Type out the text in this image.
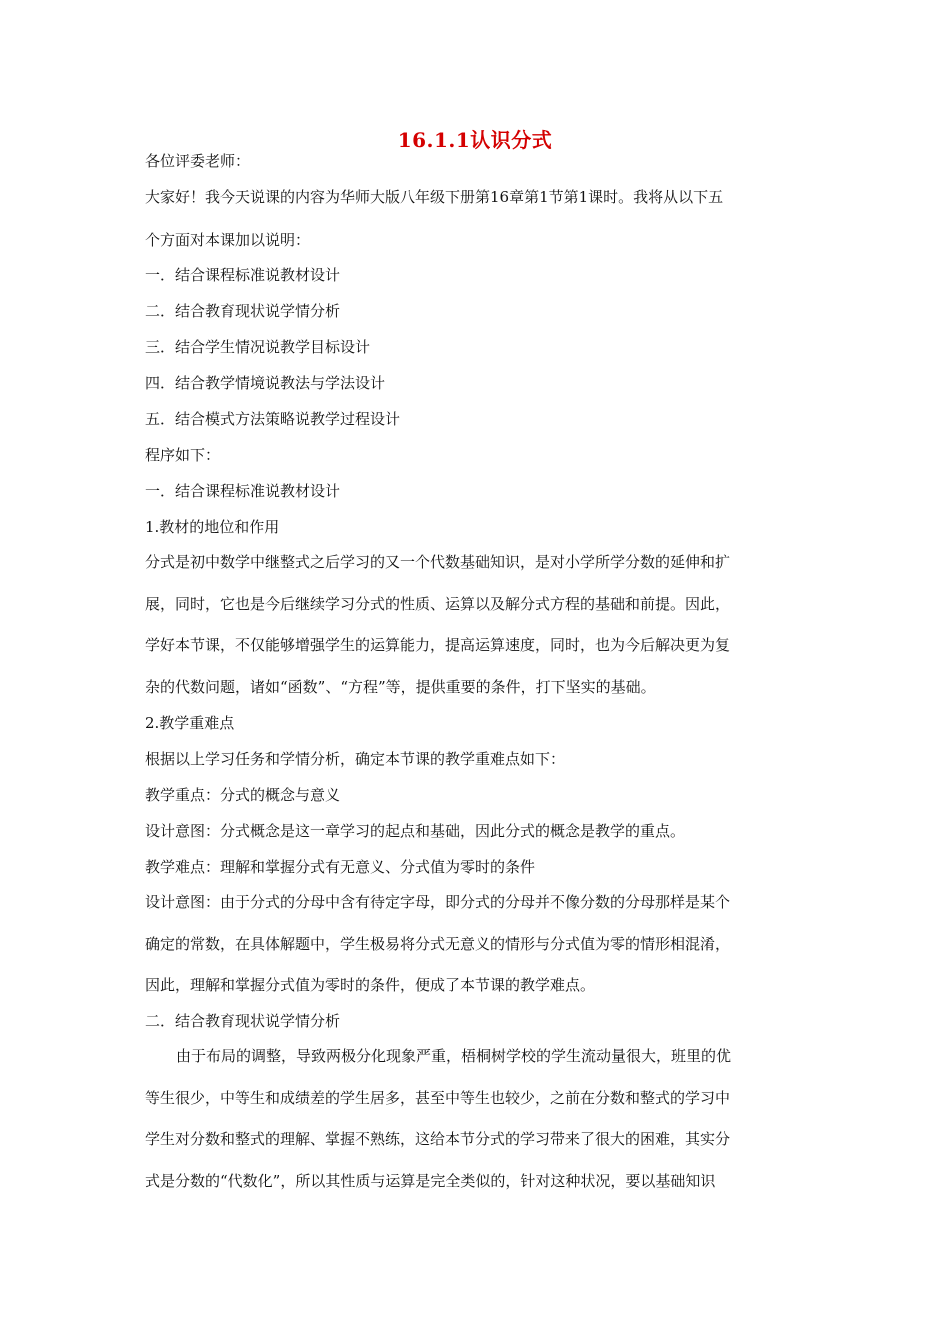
16.1.1认识分式
各位评委老师：
大家好！我今天说课的内容为华师大版八年级下册第16章第1节第1课时。我将从以下五
个方面对本课加以说明：
一．结合课程标准说教材设计
二．结合教育现状说学情分析
三．结合学生情况说教学目标设计
四．结合教学情境说教法与学法设计
五．结合模式方法策略说教学过程设计
程序如下：
一．结合课程标准说教材设计
1.教材的地位和作用
分式是初中数学中继整式之后学习的又一个代数基础知识，是对小学所学分数的延伸和扩
展，同时，它也是今后继续学习分式的性质、运算以及解分式方程的基础和前提。因此，
学好本节课，不仅能够增强学生的运算能力，提高运算速度，同时，也为今后解决更为复
杂的代数问题，诸如“函数”、“方程”等，提供重要的条件，打下坚实的基础。
2.教学重难点
根据以上学习任务和学情分析，确定本节课的教学重难点如下：
教学重点：分式的概念与意义
设计意图：分式概念是这一章学习的起点和基础，因此分式的概念是教学的重点。
教学难点：理解和掌握分式有无意义、分式值为零时的条件
设计意图：由于分式的分母中含有待定字母，即分式的分母并不像分数的分母那样是某个
确定的常数，在具体解题中，学生极易将分式无意义的情形与分式值为零的情形相混淆，
因此，理解和掌握分式值为零时的条件，便成了本节课的教学难点。
二．结合教育现状说学情分析
由于布局的调整，导致两极分化现象严重，梧桐树学校的学生流动量很大，班里的优
等生很少，中等生和成绩差的学生居多，甚至中等生也较少，之前在分数和整式的学习中
学生对分数和整式的理解、掌握不熟练，这给本节分式的学习带来了很大的困难，其实分
式是分数的“代数化”，所以其性质与运算是完全类似的，针对这种状况，要以基础知识
